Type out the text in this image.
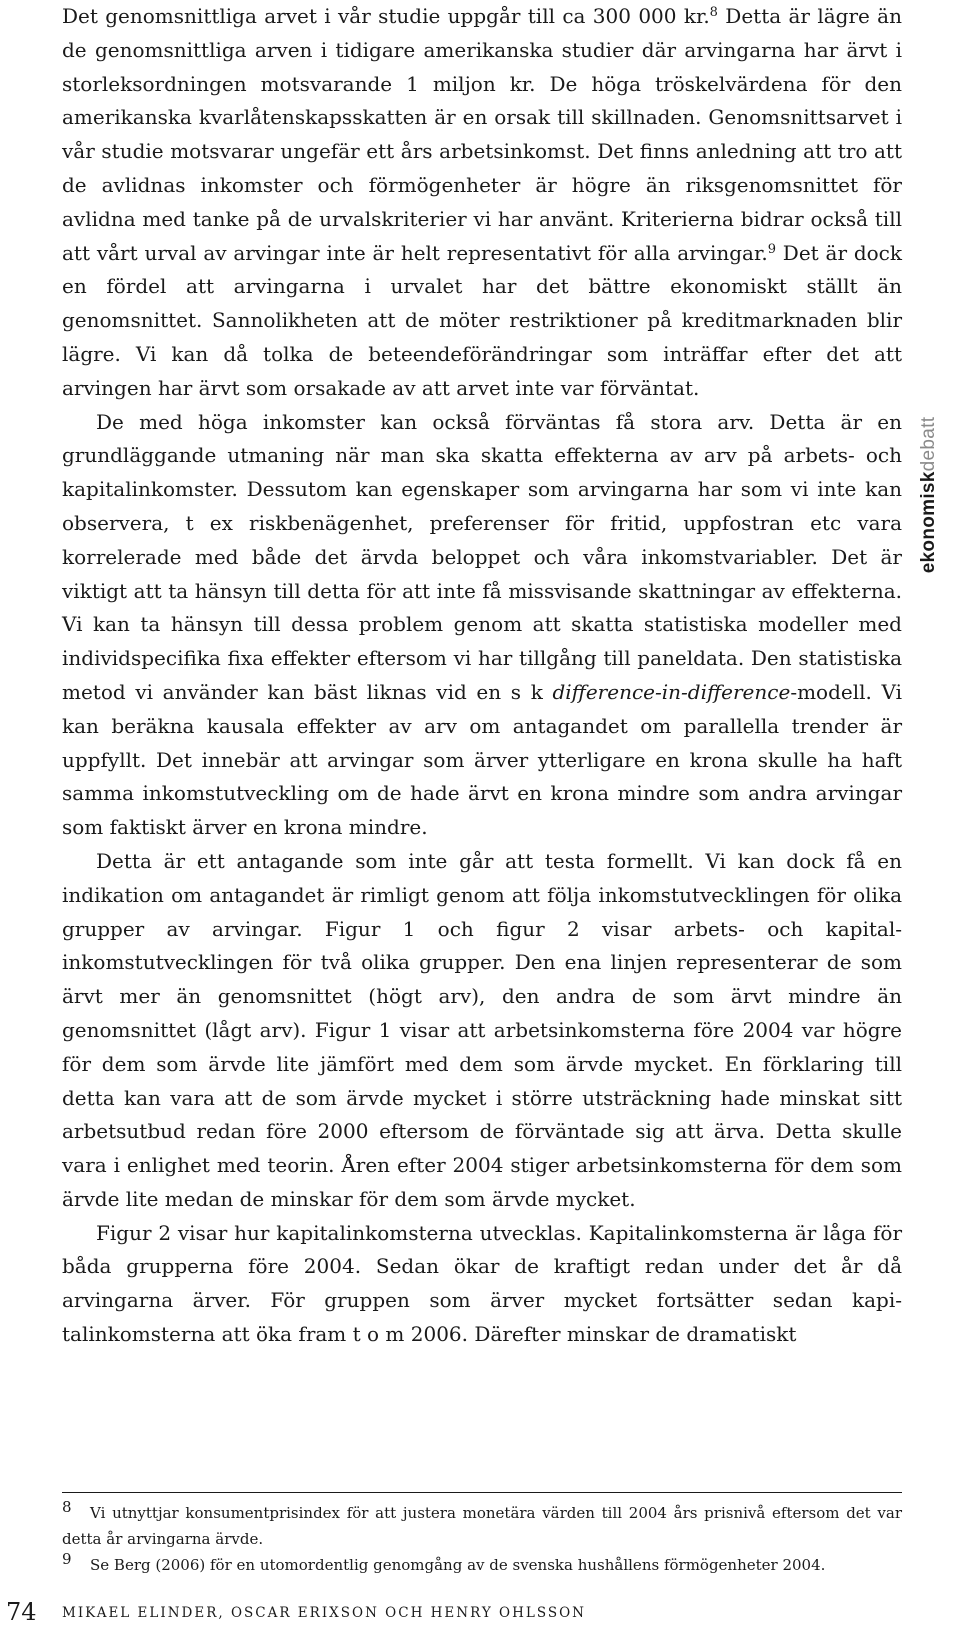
Det genomsnittliga arvet i vår studie uppgår till ca 300 000 kr.$^8$ Detta är lägre än de genomsnittliga arven i tidigare amerikanska studier där arvingarna har ärvt i storleksordningen motsvarande 1 miljon kr. De höga tröskelvärdena för den amerikanska kvarlåtenskapsskatten är en orsak till skillnaden. Genomsnittsarvet i vår studie motsvarar ungefär ett års arbetsinkomst. Det finns anledning att tro att de avlidnas inkomster och förmögenheter är högre än riksgenomsnittet för avlidna med tanke på de urvalskriterier vi har använt. Kriterierna bidrar också till att vårt urval av arvingar inte är helt representativt för alla arvingar.$^9$ Det är dock en fördel att arvingarna i urvalet har det bättre ekonomiskt ställt än genomsnittet. Sannolikheten att de möter restriktioner på kreditmarknaden blir lägre. Vi kan då tolka de beteendeförändringar som inträffar efter det att arvingen har ärvt som orsakade av att arvet inte var förväntat.

De med höga inkomster kan också förväntas få stora arv. Detta är en grundläggande utmaning när man ska skatta effekterna av arv på arbets- och kapitalinkomster. Dessutom kan egenskaper som arvingarna har som vi inte kan observera, t ex riskbenägenhet, preferenser för fritid, uppfostran etc vara korrelerade med både det ärvda beloppet och våra inkomstvariabler. Det är viktigt att ta hänsyn till detta för att inte få missvisande skattningar av effekterna. Vi kan ta hänsyn till dessa problem genom att skatta statistiska modeller med individspecifika fixa effekter eftersom vi har tillgång till paneldata. Den statistiska metod vi använder kan bäst liknas vid en s k difference-in-difference-modell. Vi kan beräkna kausala effekter av arv om antagandet om parallella trender är uppfyllt. Det innebär att arvingar som ärver ytterligare en krona skulle ha haft samma inkomstutveckling om de hade ärvt en krona mindre som andra arvingar som faktiskt ärver en krona mindre.

Detta är ett antagande som inte går att testa formellt. Vi kan dock få en indikation om antagandet är rimligt genom att följa inkomstutvecklingen för olika grupper av arvingar. Figur 1 och figur 2 visar arbets- och kapitalinkomstutvecklingen för två olika grupper. Den ena linjen representerar de som ärvt mer än genomsnittet (högt arv), den andra de som ärvt mindre än genomsnittet (lågt arv). Figur 1 visar att arbetsinkomsterna före 2004 var högre för dem som ärvde lite jämfört med dem som ärvde mycket. En förklaring till detta kan vara att de som ärvde mycket i större utsträckning hade minskat sitt arbetsutbud redan före 2000 eftersom de förväntade sig att ärva. Detta skulle vara i enlighet med teorin. Åren efter 2004 stiger arbetsinkomsterna för dem som ärvde lite medan de minskar för dem som ärvde mycket.

Figur 2 visar hur kapitalinkomsterna utvecklas. Kapitalinkomsterna är låga för båda grupperna före 2004. Sedan ökar de kraftigt redan under det år då arvingarna ärver. För gruppen som ärver mycket fortsätter sedan kapitalinkomsterna att öka fram t o m 2006. Därefter minskar de dramatiskt

ekonomiskdebatt

8 Vi utnyttjar konsumentprisindex för att justera monetära värden till 2004 års prisnivå eftersom det var detta år arvingarna ärvde.

9 Se Berg (2006) för en utomordentlig genomgång av de svenska hushållens förmögenheter 2004.

74 MIKAEL ELINDER, OSCAR ERIXSON OCH HENRY OHLSSON
